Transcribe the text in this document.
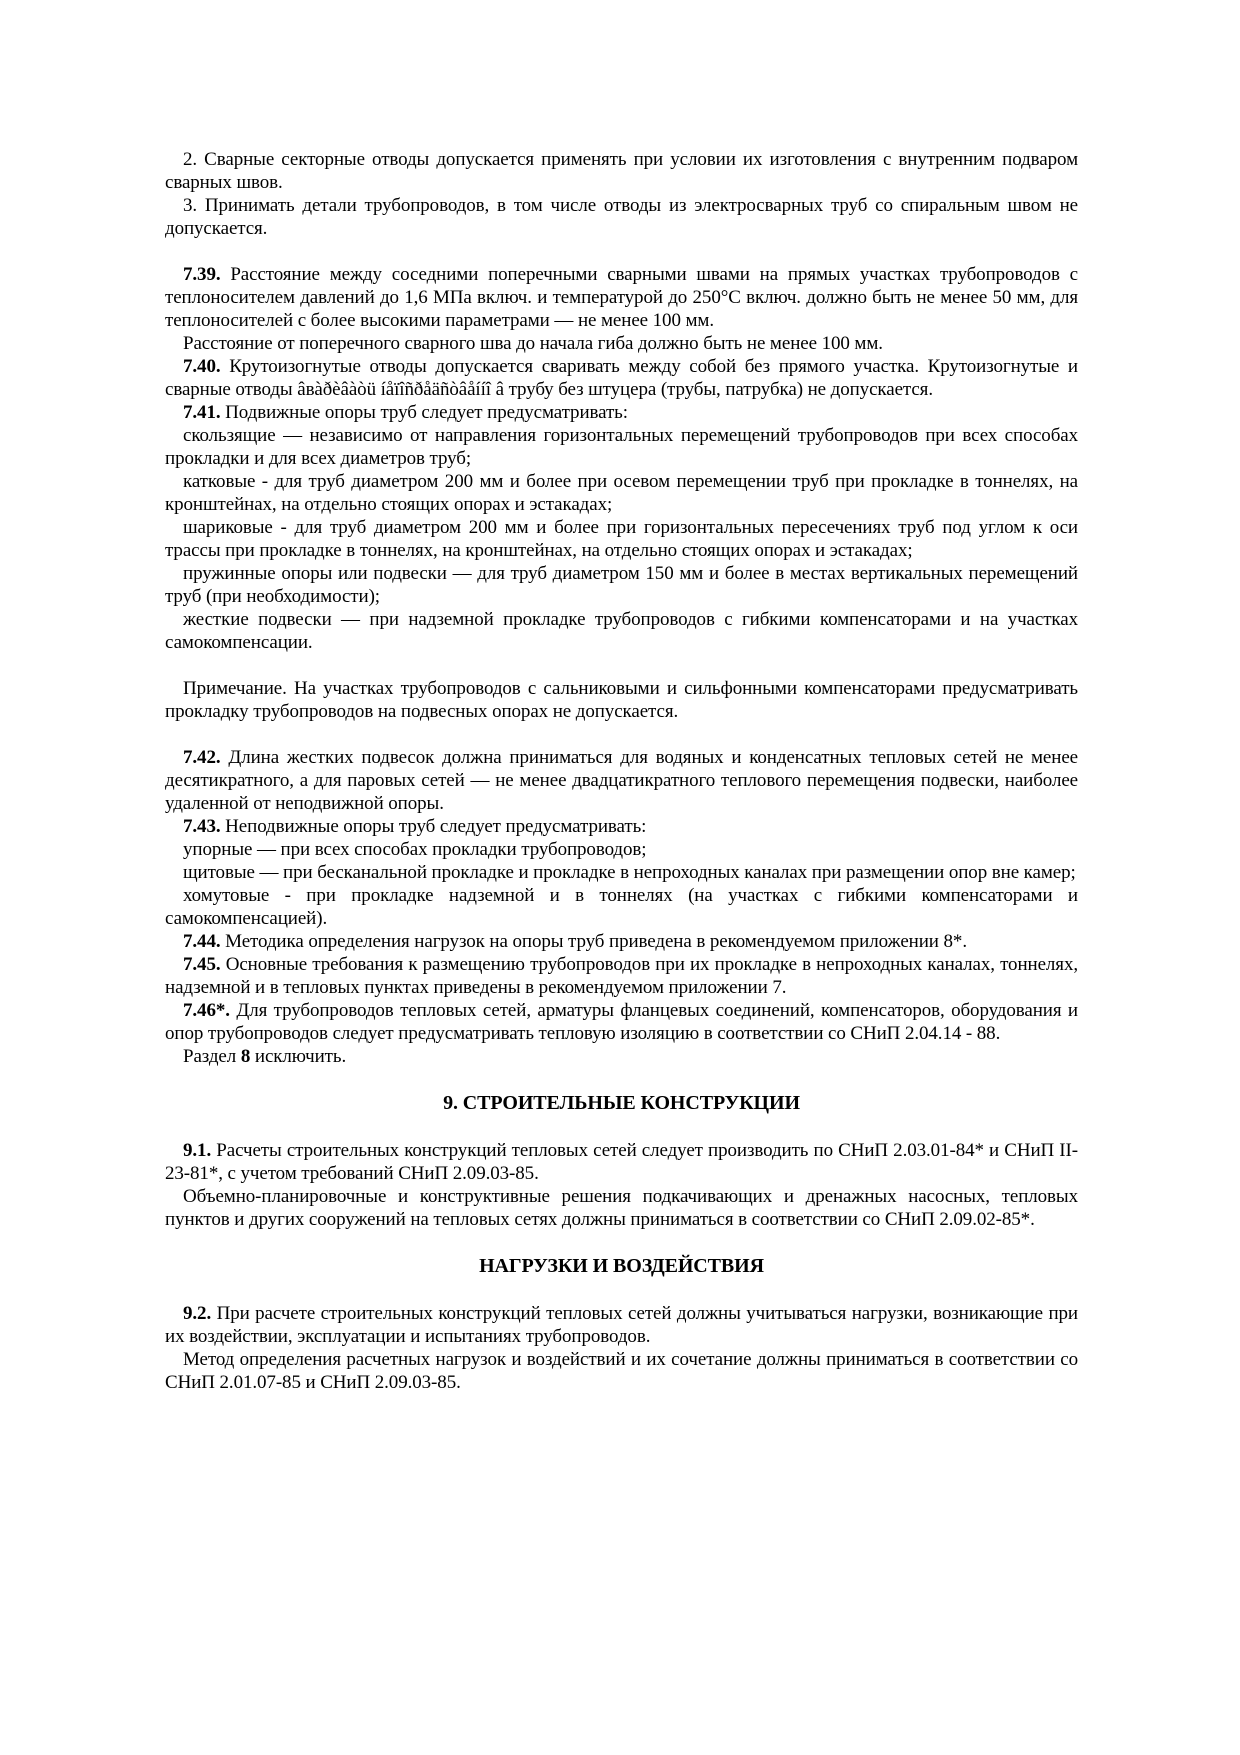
2. Сварные секторные отводы допускается применять при условии их изготовления с внутренним подваром сварных швов.

3. Принимать детали трубопроводов, в том числе отводы из электросварных труб со спиральным швом не допускается.

7.39. Расстояние между соседними поперечными сварными швами на прямых участках трубопроводов с теплоносителем давлений до 1,6 МПа включ. и температурой до 250°С включ. должно быть не менее 50 мм, для теплоносителей с более высокими параметрами — не менее 100 мм.

Расстояние от поперечного сварного шва до начала гиба должно быть не менее 100 мм.

7.40. Крутоизогнутые отводы допускается сваривать между собой без прямого участка. Крутоизогнутые и сварные отводы âвàðèâàòü íåïîñðåäñòâåííî â трубу без штуцера (трубы, патрубка) не допускается.

7.41. Подвижные опоры труб следует предусматривать:

скользящие — независимо от направления горизонтальных перемещений трубопроводов при всех способах прокладки и для всех диаметров труб;

катковые - для труб диаметром 200 мм и более при осевом перемещении труб при прокладке в тоннелях, на кронштейнах, на отдельно стоящих опорах и эстакадах;

шариковые - для труб диаметром 200 мм и более при горизонтальных пересечениях труб под углом к оси трассы при прокладке в тоннелях, на кронштейнах, на отдельно стоящих опорах и эстакадах;

пружинные опоры или подвески — для труб диаметром 150 мм и более в местах вертикальных перемещений труб (при необходимости);

жесткие подвески — при надземной прокладке трубопроводов с гибкими компенсаторами и на участках самокомпенсации.

Примечание. На участках трубопроводов с сальниковыми и сильфонными компенсаторами предусматривать прокладку трубопроводов на подвесных опорах не допускается.

7.42. Длина жестких подвесок должна приниматься для водяных и конденсатных тепловых сетей не менее десятикратного, а для паровых сетей — не менее двадцатикратного теплового перемещения подвески, наиболее удаленной от неподвижной опоры.

7.43. Неподвижные опоры труб следует предусматривать:

упорные — при всех способах прокладки трубопроводов;

щитовые — при бесканальной прокладке и прокладке в непроходных каналах при размещении опор вне камер;

хомутовые - при прокладке надземной и в тоннелях (на участках с гибкими компенсаторами и самокомпенсацией).

7.44. Методика определения нагрузок на опоры труб приведена в рекомендуемом приложении 8*.

7.45. Основные требования к размещению трубопроводов при их прокладке в непроходных каналах, тоннелях, надземной и в тепловых пунктах приведены в рекомендуемом приложении 7.

7.46*. Для трубопроводов тепловых сетей, арматуры фланцевых соединений, компенсаторов, оборудования и опор трубопроводов следует предусматривать тепловую изоляцию в соответствии со СНиП 2.04.14 - 88.

Раздел 8 исключить.

9. СТРОИТЕЛЬНЫЕ КОНСТРУКЦИИ

9.1. Расчеты строительных конструкций тепловых сетей следует производить по СНиП 2.03.01-84* и СНиП II-23-81*, с учетом требований СНиП 2.09.03-85.

Объемно-планировочные и конструктивные решения подкачивающих и дренажных насосных, тепловых пунктов и других сооружений на тепловых сетях должны приниматься в соответствии со СНиП 2.09.02-85*.

НАГРУЗКИ И ВОЗДЕЙСТВИЯ

9.2. При расчете строительных конструкций тепловых сетей должны учитываться нагрузки, возникающие при их воздействии, эксплуатации и испытаниях трубопроводов.

Метод определения расчетных нагрузок и воздействий и их сочетание должны приниматься в соответствии со СНиП 2.01.07-85 и СНиП 2.09.03-85.
